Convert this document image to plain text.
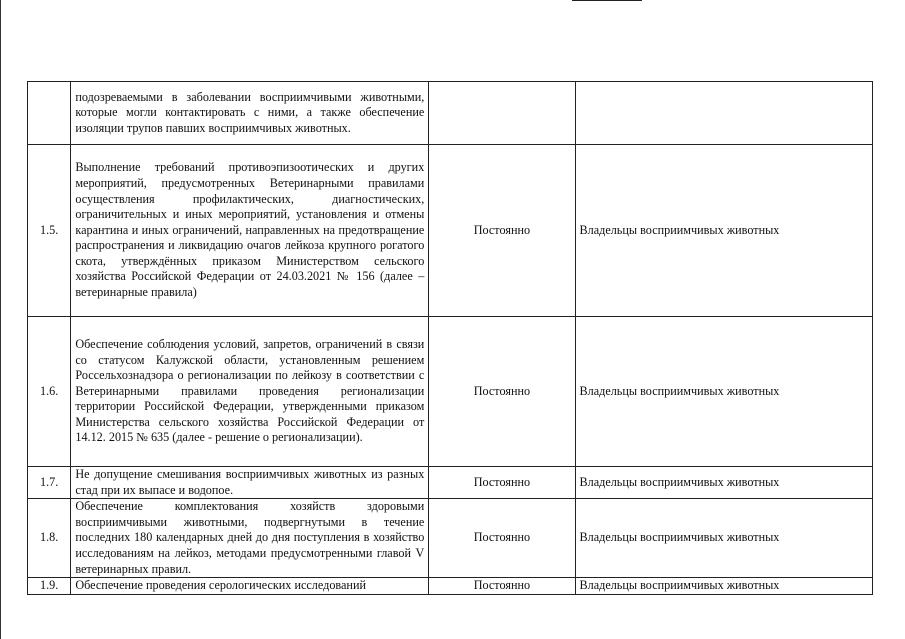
	подозреваемыми в заболевании восприимчивыми животными, которые могли контактировать с ними, а также обеспечение изоляции трупов павших восприимчивых животных.		
1.5.	Выполнение требований противоэпизоотических и других мероприятий, предусмотренных Ветеринарными правилами осуществления профилактических, диагностических, ограничительных и иных мероприятий, установления и отмены карантина и иных ограничений, направленных на предотвращение распространения и ликвидацию очагов лейкоза крупного рогатого скота, утверждённых приказом Министерством сельского хозяйства Российской Федерации от 24.03.2021 № 156 (далее – ветеринарные правила)	Постоянно	Владельцы восприимчивых животных
1.6.	Обеспечение соблюдения условий, запретов, ограничений в связи со статусом Калужской области, установленным решением Россельхознадзора о регионализации по лейкозу в соответствии с Ветеринарными правилами проведения регионализации территории Российской Федерации, утвержденными приказом Министерства сельского хозяйства Российской Федерации от 14.12. 2015 № 635 (далее - решение о регионализации).	Постоянно	Владельцы восприимчивых животных
1.7.	Не допущение смешивания восприимчивых животных из разных стад при их выпасе и водопое.	Постоянно	Владельцы восприимчивых животных
1.8.	Обеспечение комплектования хозяйств здоровыми восприимчивыми животными, подвергнутыми в течение последних 180 календарных дней до дня поступления в хозяйство исследованиям на лейкоз, методами предусмотренными главой V ветеринарных правил.	Постоянно	Владельцы восприимчивых животных
1.9.	Обеспечение проведения серологических исследований	Постоянно	Владельцы восприимчивых животных
